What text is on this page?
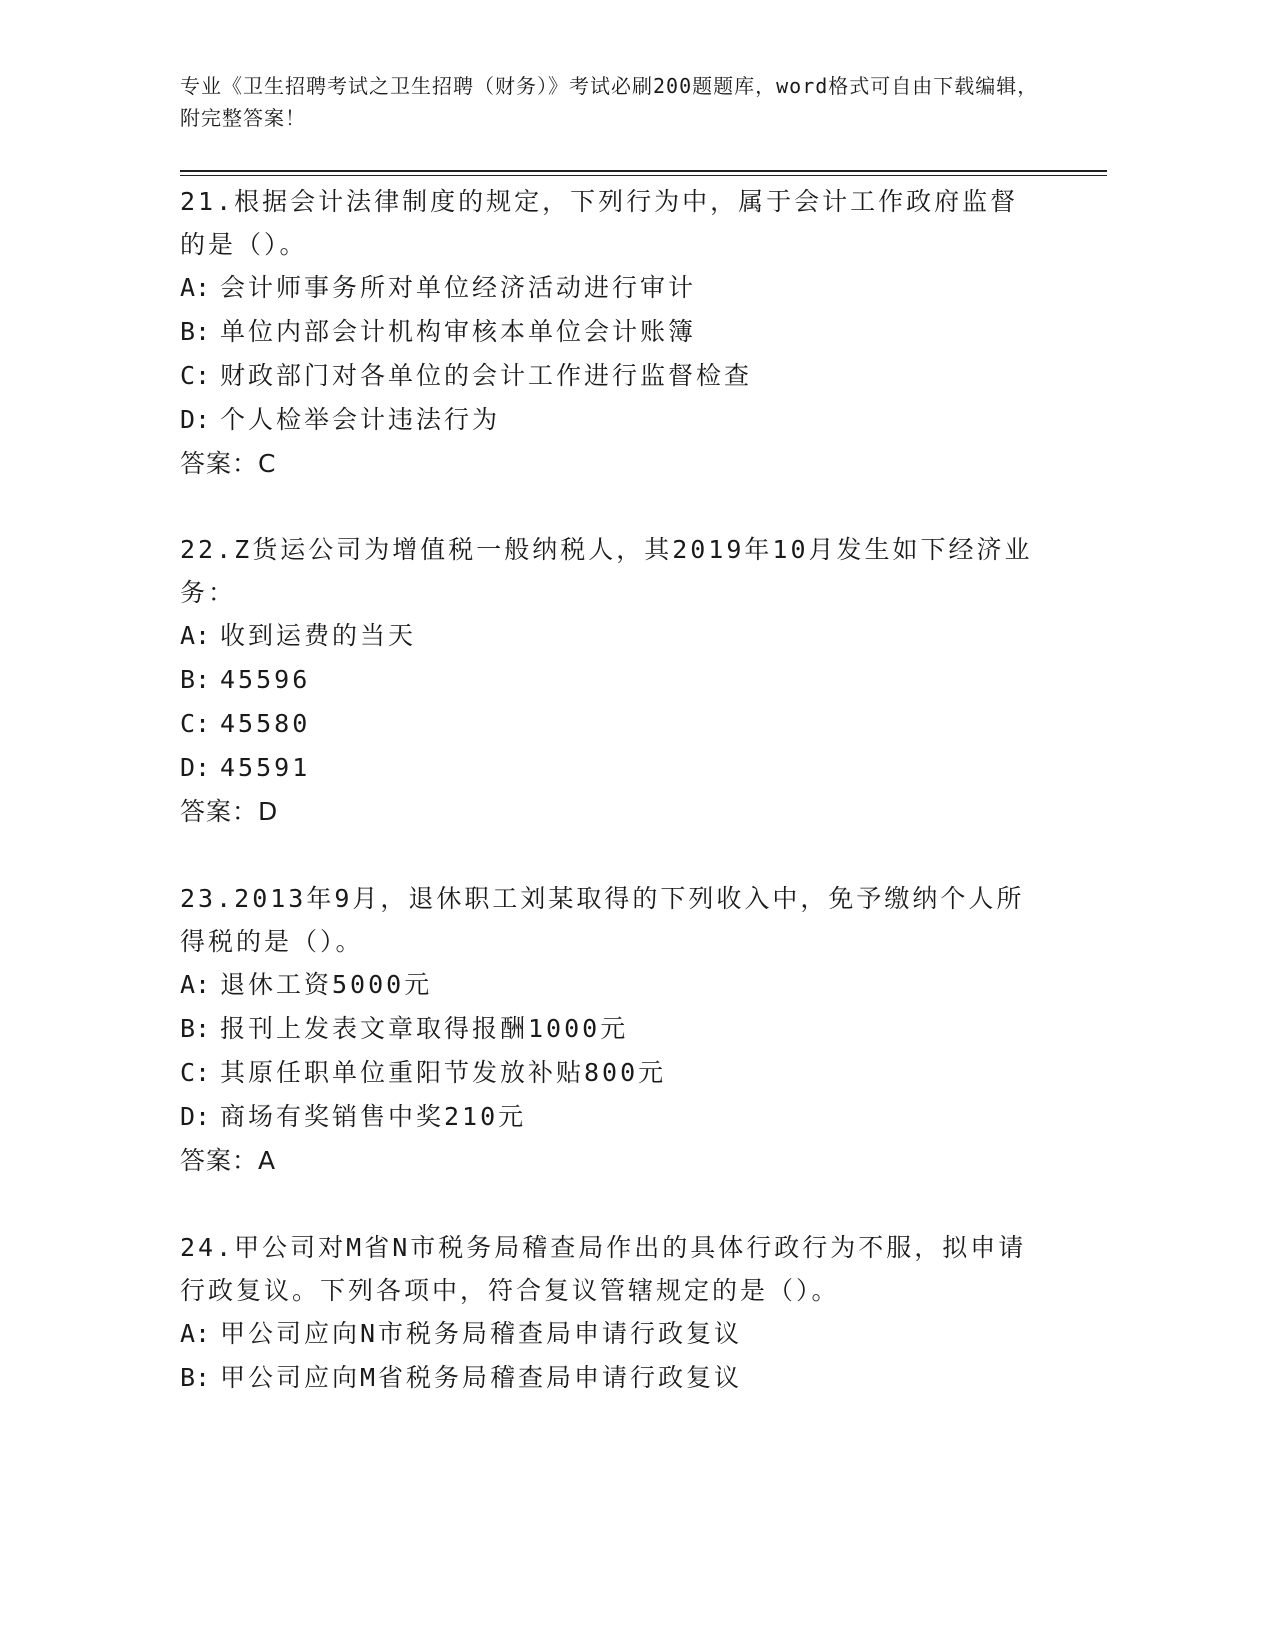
专业《卫生招聘考试之卫生招聘（财务）》考试必刷200题题库，word格式可自由下载编辑，附完整答案！

21.根据会计法律制度的规定，下列行为中，属于会计工作政府监督的是（）。

A: 会计师事务所对单位经济活动进行审计

B: 单位内部会计机构审核本单位会计账簿

C: 财政部门对各单位的会计工作进行监督检查

D: 个人检举会计违法行为

答案：C

22.Z货运公司为增值税一般纳税人，其2019年10月发生如下经济业务：

A: 收到运费的当天

B: 45596

C: 45580

D: 45591

答案：D

23.2013年9月，退休职工刘某取得的下列收入中，免予缴纳个人所得税的是（）。

A: 退休工资5000元

B: 报刊上发表文章取得报酬1000元

C: 其原任职单位重阳节发放补贴800元

D: 商场有奖销售中奖210元

答案：A

24.甲公司对M省N市税务局稽查局作出的具体行政行为不服，拟申请行政复议。下列各项中，符合复议管辖规定的是（）。

A: 甲公司应向N市税务局稽查局申请行政复议

B: 甲公司应向M省税务局稽查局申请行政复议
